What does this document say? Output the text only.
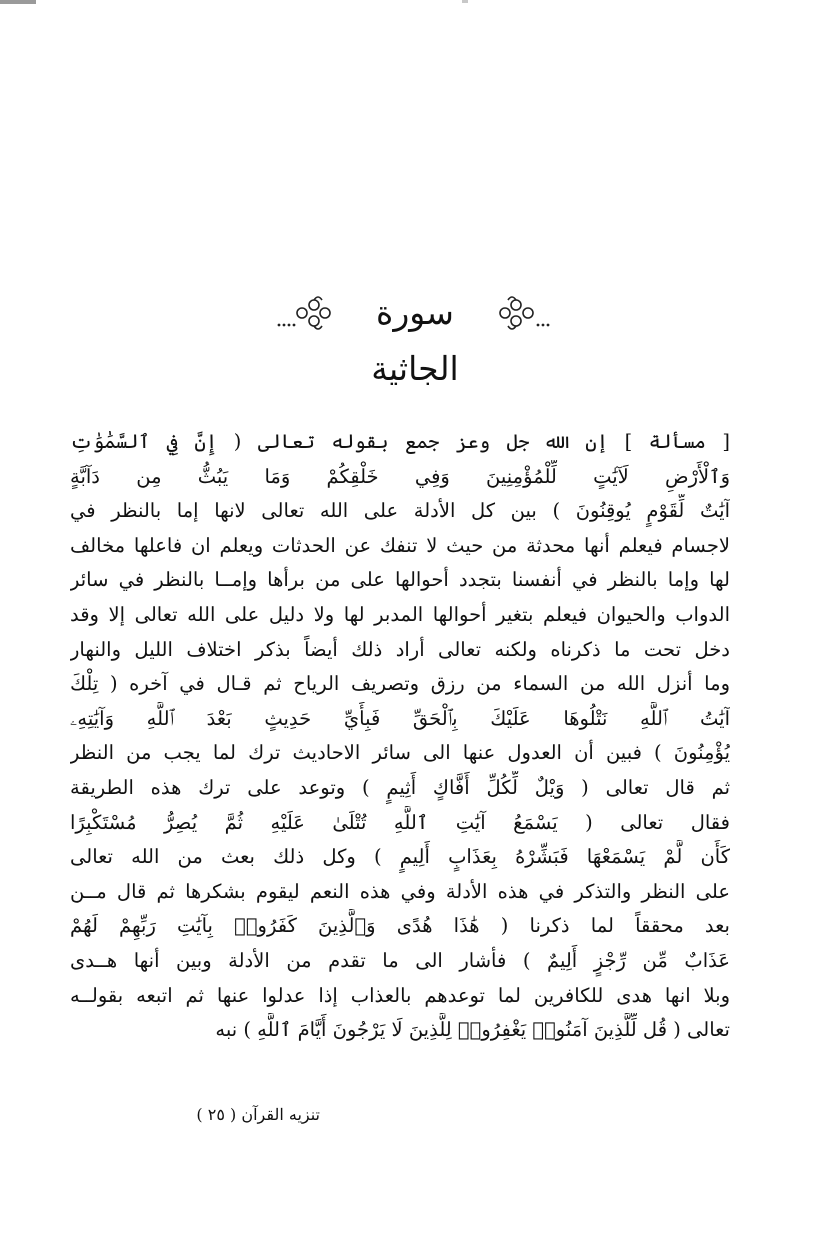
سورة الجاثية
[ مسألة ] إن الله جل وعز جمع بقوله تعالى ( إِنَّ فِي ٱلسَّمَٰوَٰتِ
وَٱلْأَرْضِ لَآيَٰتٍ لِّلْمُؤْمِنِينَ وَفِي خَلْقِكُمْ وَمَا يَبُثُّ مِن دَآبَّةٍ
آيَٰتٌ لِّقَوْمٍ يُوقِنُونَ ) بين كل الأدلة على الله تعالى لانها إما بالنظر في
لاجسام فيعلم أنها محدثة من حيث لا تنفك عن الحدثات ويعلم ان فاعلها مخالف
لها وإما بالنظر في أنفسنا بتجدد أحوالها على من برأها وإمــا بالنظر في سائر
الدواب والحيوان فيعلم بتغير أحوالها المدبر لها ولا دليل على الله تعالى إلا وقد
دخل تحت ما ذكرناه ولكنه تعالى أراد ذلك أيضاً بذكر اختلاف الليل والنهار
وما أنزل الله من السماء من رزق وتصريف الرياح ثم قـال في آخره ( تِلْكَ
آيَٰتُ ٱللَّهِ نَتْلُوهَا عَلَيْكَ بِٱلْحَقِّ فَبِأَيِّ حَدِيثٍ بَعْدَ ٱللَّهِ وَآيَٰتِهِۦ
يُؤْمِنُونَ ) فبين أن العدول عنها الى سائر الاحاديث ترك لما يجب من النظر
ثم قال تعالى ( وَيْلٌ لِّكُلِّ أَفَّاكٍ أَثِيمٍ ) وتوعد على ترك هذه الطريقة
فقال تعالى ( يَسْمَعُ آيَٰتِ ٱللَّهِ تُتْلَىٰ عَلَيْهِ ثُمَّ يُصِرُّ مُسْتَكْبِرًا
كَأَن لَّمْ يَسْمَعْهَا فَبَشِّرْهُ بِعَذَابٍ أَلِيمٍ ) وكل ذلك بعث من الله تعالى
على النظر والتذكر في هذه الأدلة وفي هذه النعم ليقوم بشكرها ثم قال مــن
بعد محققاً لما ذكرنا ( هَٰذَا هُدًى وَٱلَّذِينَ كَفَرُوا۟ بِآيَٰتِ رَبِّهِمْ لَهُمْ
عَذَابٌ مِّن رِّجْزٍ أَلِيمٌ ) فأشار الى ما تقدم من الأدلة وبين أنها هــدى
وبلا انها هدى للكافرين لما توعدهم بالعذاب إذا عدلوا عنها ثم اتبعه بقولــه
تعالى ( قُل لِّلَّذِينَ آمَنُوا۟ يَغْفِرُوا۟ لِلَّذِينَ لَا يَرْجُونَ أَيَّامَ ٱللَّهِ ) نبه
تنزيه القرآن ( ٢٥ )
